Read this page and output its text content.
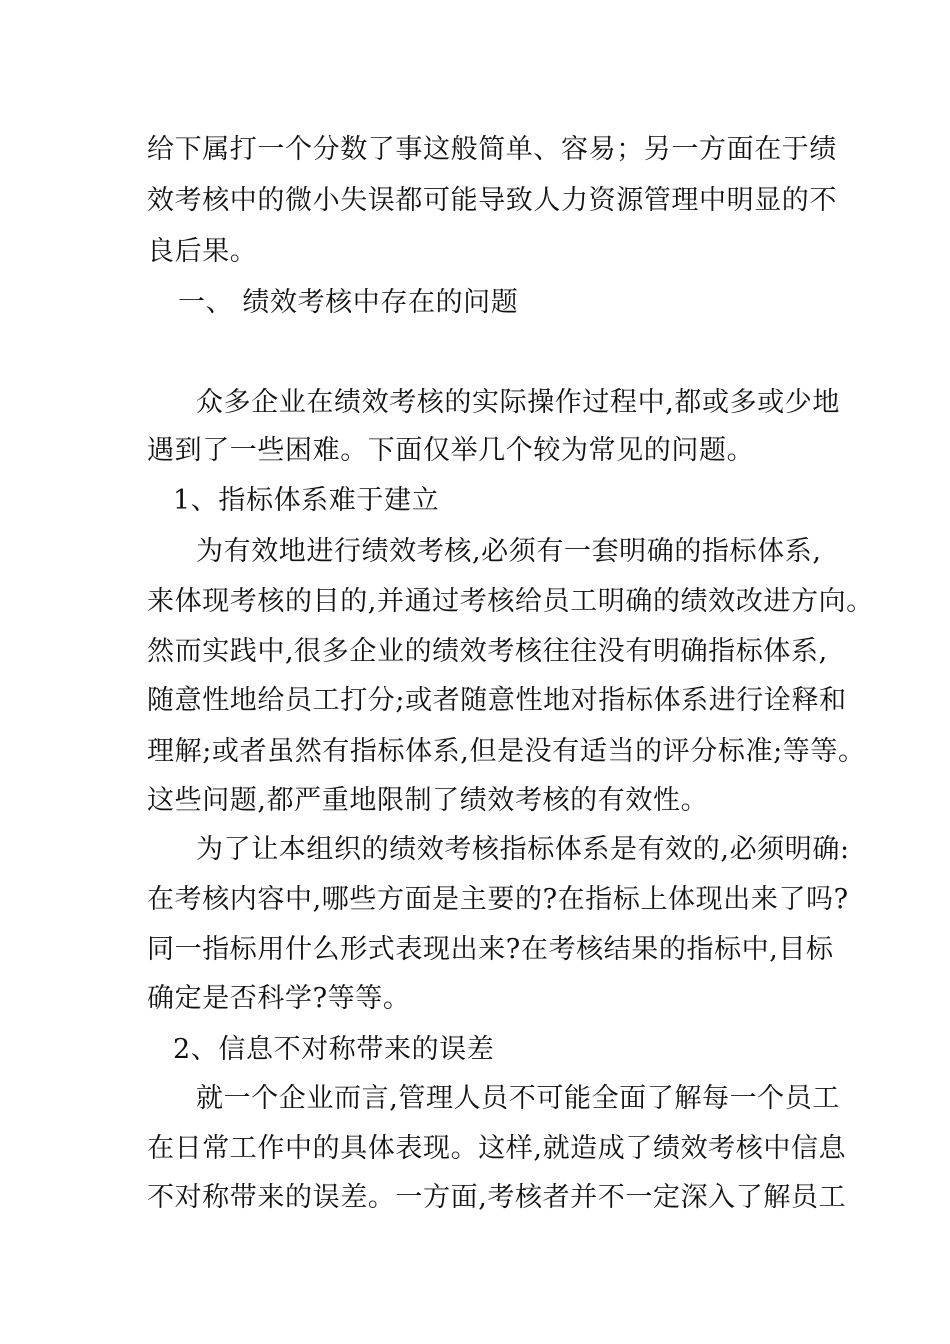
给下属打一个分数了事这般简单、容易；另一方面在于绩
效考核中的微小失误都可能导致人力资源管理中明显的不
良后果。
一、 绩效考核中存在的问题
众多企业在绩效考核的实际操作过程中,都或多或少地
遇到了一些困难。下面仅举几个较为常见的问题。
1、指标体系难于建立
为有效地进行绩效考核,必须有一套明确的指标体系,
来体现考核的目的,并通过考核给员工明确的绩效改进方向。
然而实践中,很多企业的绩效考核往往没有明确指标体系,
随意性地给员工打分;或者随意性地对指标体系进行诠释和
理解;或者虽然有指标体系,但是没有适当的评分标准;等等。
这些问题,都严重地限制了绩效考核的有效性。
为了让本组织的绩效考核指标体系是有效的,必须明确:
在考核内容中,哪些方面是主要的?在指标上体现出来了吗?
同一指标用什么形式表现出来?在考核结果的指标中,目标
确定是否科学?等等。
2、信息不对称带来的误差
就一个企业而言,管理人员不可能全面了解每一个员工
在日常工作中的具体表现。这样,就造成了绩效考核中信息
不对称带来的误差。一方面,考核者并不一定深入了解员工
